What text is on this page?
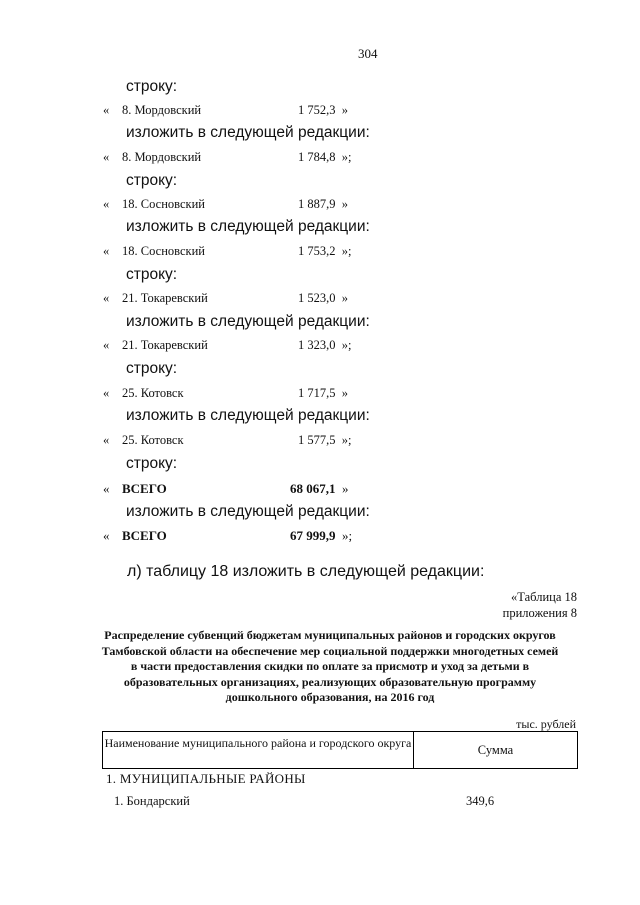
304
строку:
« 8. Мордовский	1 752,3 »
изложить в следующей редакции:
« 8. Мордовский	1 784,8 »;
строку:
« 18. Сосновский	1 887,9 »
изложить в следующей редакции:
« 18. Сосновский	1 753,2 »;
строку:
« 21. Токаревский	1 523,0 »
изложить в следующей редакции:
« 21. Токаревский	1 323,0 »;
строку:
« 25. Котовск	1 717,5 »
изложить в следующей редакции:
« 25. Котовск	1 577,5 »;
строку:
« ВСЕГО	68 067,1 »
изложить в следующей редакции:
« ВСЕГО	67 999,9 »;
л) таблицу 18 изложить в следующей редакции:
«Таблица 18
приложения 8
Распределение субвенций бюджетам муниципальных районов и городских округов Тамбовской области на обеспечение мер социальной поддержки многодетных семей в части предоставления скидки по оплате за присмотр и уход за детьми в образовательных организациях, реализующих образовательную программу дошкольного образования, на 2016 год
тыс. рублей
Наименование муниципального района и городского округа	Сумма
1. МУНИЦИПАЛЬНЫЕ РАЙОНЫ
1. Бондарский	349,6
